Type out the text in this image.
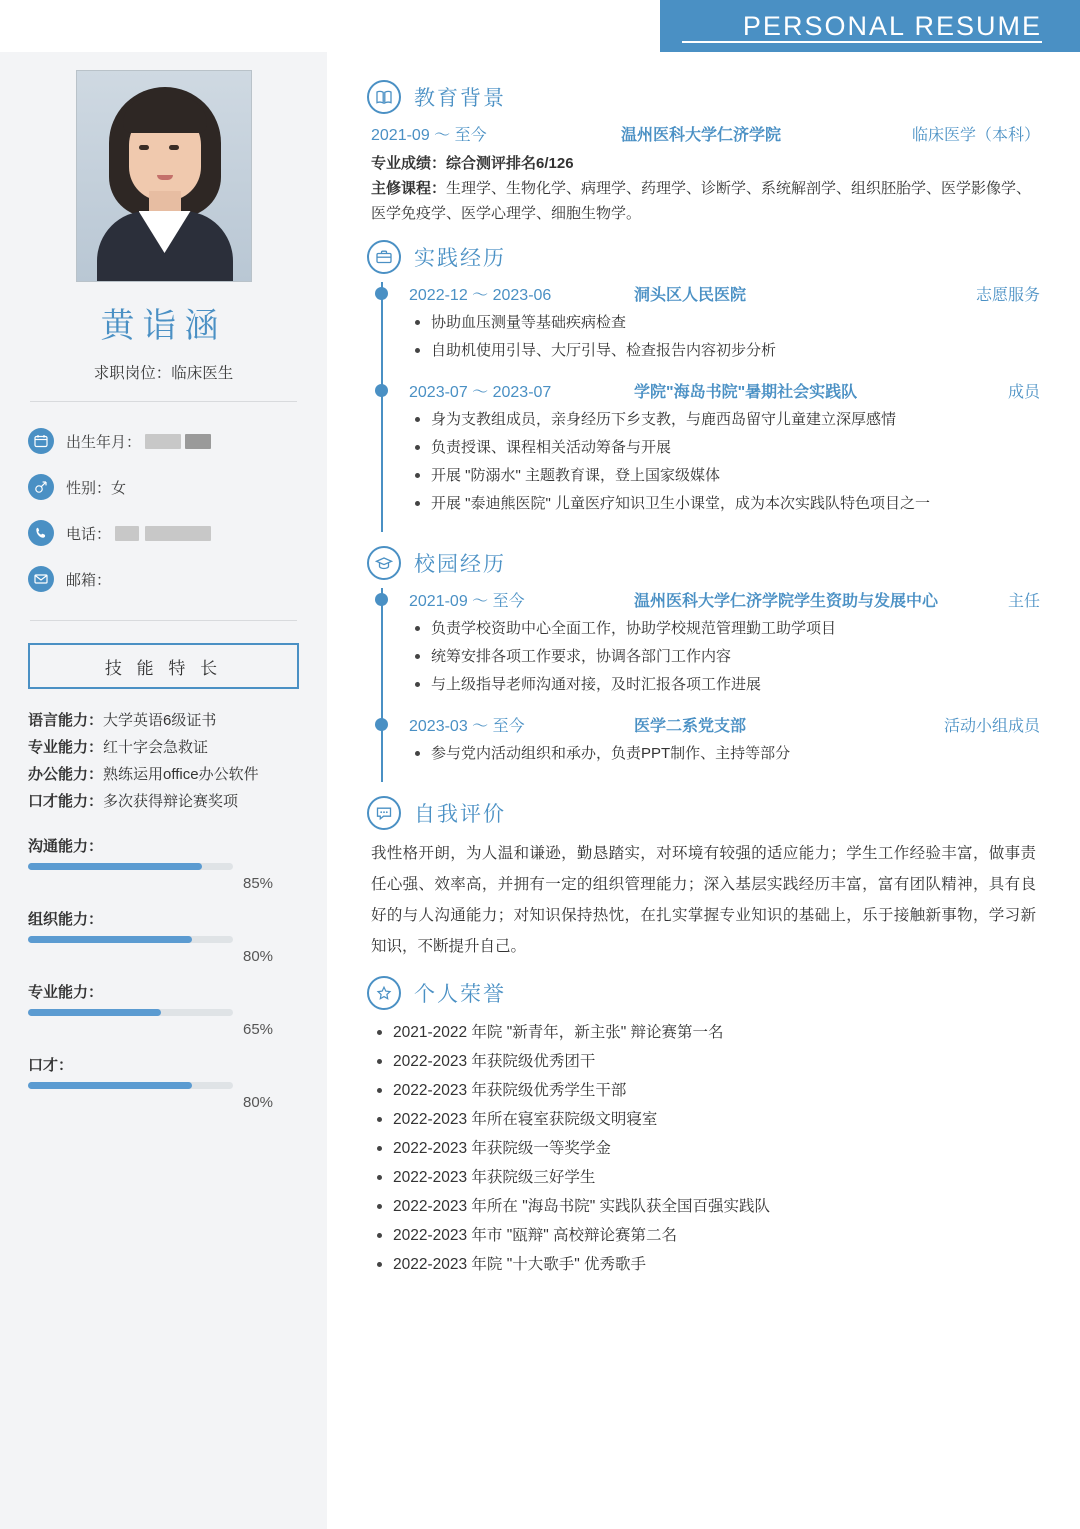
PERSONAL RESUME
黄诣涵
求职岗位：临床医生
出生年月：
性别： 女
电话：
邮箱：
技 能 特 长
语言能力：大学英语6级证书
专业能力：红十字会急救证
办公能力：熟练运用office办公软件
口才能力：多次获得辩论赛奖项
沟通能力：
85%
组织能力：
80%
专业能力：
65%
口才：
80%
教育背景
2021-09 ～ 至今	温州医科大学仁济学院	临床医学（本科）
专业成绩：综合测评排名6/126
主修课程：生理学、生物化学、病理学、药理学、诊断学、系统解剖学、组织胚胎学、医学影像学、医学免疫学、医学心理学、细胞生物学。
实践经历
2022-12 ～ 2023-06	洞头区人民医院	志愿服务
协助血压测量等基础疾病检查
自助机使用引导、大厅引导、检查报告内容初步分析
2023-07 ～ 2023-07	学院"海岛书院"暑期社会实践队	成员
身为支教组成员，亲身经历下乡支教，与鹿西岛留守儿童建立深厚感情
负责授课、课程相关活动筹备与开展
开展 "防溺水" 主题教育课，登上国家级媒体
开展 "泰迪熊医院" 儿童医疗知识卫生小课堂，成为本次实践队特色项目之一
校园经历
2021-09 ～ 至今	温州医科大学仁济学院学生资助与发展中心	主任
负责学校资助中心全面工作，协助学校规范管理勤工助学项目
统筹安排各项工作要求，协调各部门工作内容
与上级指导老师沟通对接，及时汇报各项工作进展
2023-03 ～ 至今	医学二系党支部	活动小组成员
参与党内活动组织和承办，负责PPT制作、主持等部分
自我评价
我性格开朗，为人温和谦逊，勤恳踏实，对环境有较强的适应能力；学生工作经验丰富，做事责任心强、效率高，并拥有一定的组织管理能力；深入基层实践经历丰富，富有团队精神，具有良好的与人沟通能力；对知识保持热忱，在扎实掌握专业知识的基础上，乐于接触新事物，学习新知识，不断提升自己。
个人荣誉
2021-2022 年院 "新青年，新主张" 辩论赛第一名
2022-2023 年获院级优秀团干
2022-2023 年获院级优秀学生干部
2022-2023 年所在寝室获院级文明寝室
2022-2023 年获院级一等奖学金
2022-2023 年获院级三好学生
2022-2023 年所在 "海岛书院" 实践队获全国百强实践队
2022-2023 年市 "瓯辩" 高校辩论赛第二名
2022-2023 年院 "十大歌手" 优秀歌手
